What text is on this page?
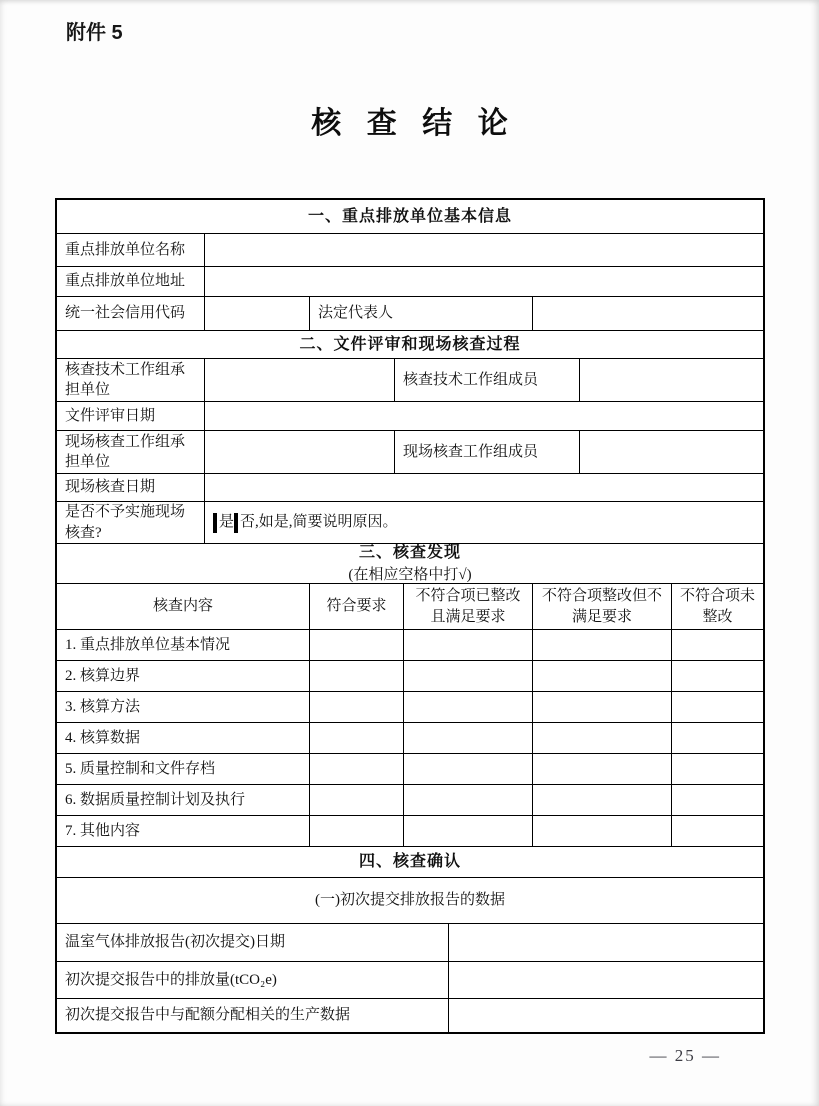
附件 5
核 查 结 论
一、重点排放单位基本信息
重点排放单位名称
重点排放单位地址
统一社会信用代码	法定代表人
二、文件评审和现场核查过程
核查技术工作组承担单位
核查技术工作组成员
文件评审日期
现场核查工作组承担单位
现场核查工作组成员
现场核查日期
是否不予实施现场核查?
是 否,如是,简要说明原因。
三、核查发现
(在相应空格中打√)
核查内容	符合要求
不符合项已整改且满足要求
不符合项整改但不满足要求
不符合项未整改
1. 重点排放单位基本情况
2. 核算边界
3. 核算方法
4. 核算数据
5. 质量控制和文件存档
6. 数据质量控制计划及执行
7. 其他内容
四、核查确认
(一)初次提交排放报告的数据
温室气体排放报告(初次提交)日期
初次提交报告中的排放量(tCO₂e)
初次提交报告中与配额分配相关的生产数据
— 25 —
